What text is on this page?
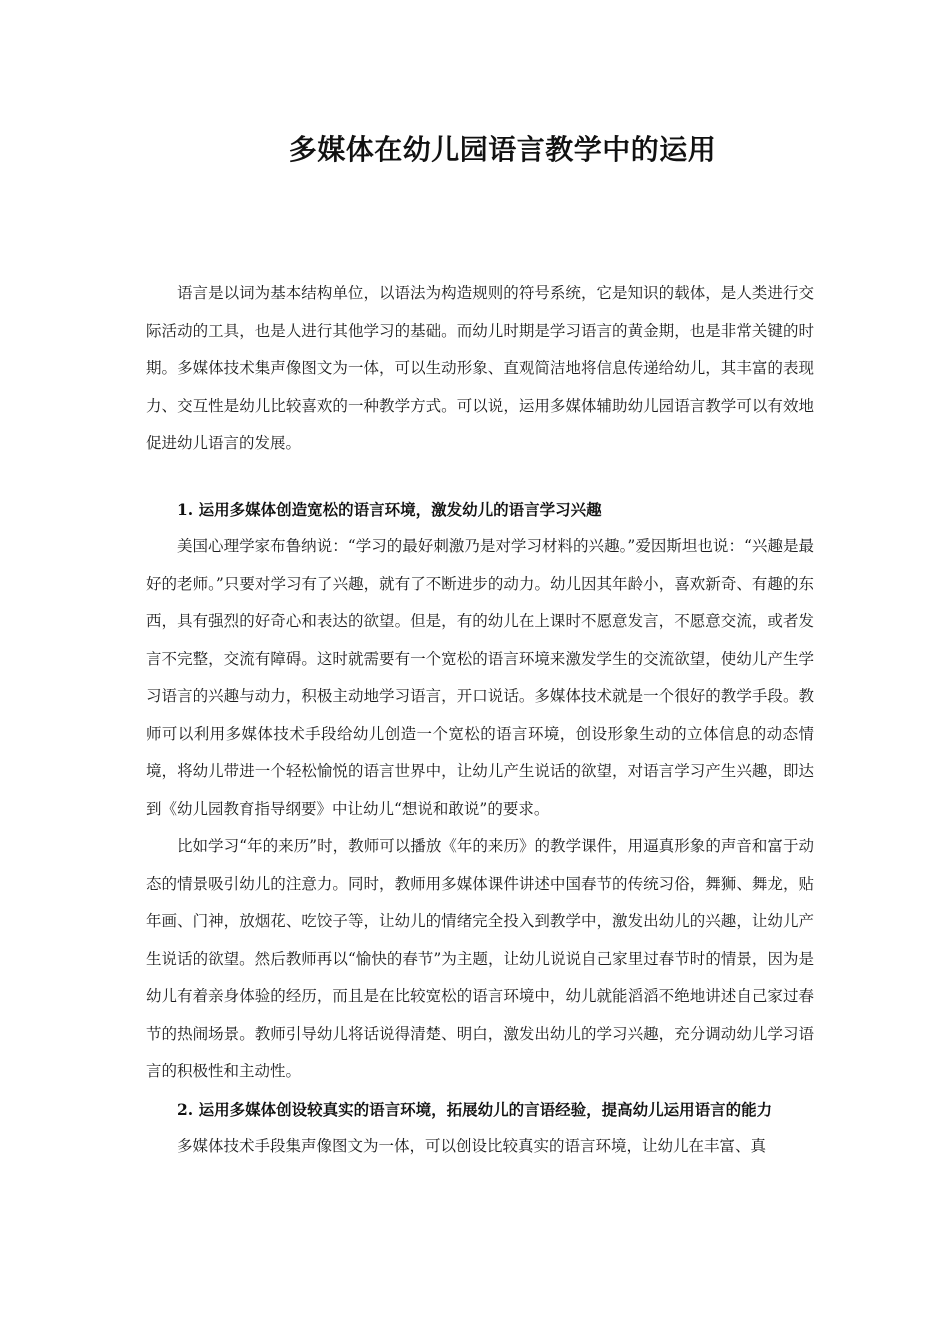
多媒体在幼儿园语言教学中的运用

语言是以词为基本结构单位，以语法为构造规则的符号系统，它是知识的载体，是人类进行交际活动的工具，也是人进行其他学习的基础。而幼儿时期是学习语言的黄金期，也是非常关键的时期。多媒体技术集声像图文为一体，可以生动形象、直观简洁地将信息传递给幼儿，其丰富的表现力、交互性是幼儿比较喜欢的一种教学方式。可以说，运用多媒体辅助幼儿园语言教学可以有效地促进幼儿语言的发展。

1. 运用多媒体创造宽松的语言环境，激发幼儿的语言学习兴趣

美国心理学家布鲁纳说：“学习的最好刺激乃是对学习材料的兴趣。”爱因斯坦也说：“兴趣是最好的老师。”只要对学习有了兴趣，就有了不断进步的动力。幼儿因其年龄小，喜欢新奇、有趣的东西，具有强烈的好奇心和表达的欲望。但是，有的幼儿在上课时不愿意发言，不愿意交流，或者发言不完整，交流有障碍。这时就需要有一个宽松的语言环境来激发学生的交流欲望，使幼儿产生学习语言的兴趣与动力，积极主动地学习语言，开口说话。多媒体技术就是一个很好的教学手段。教师可以利用多媒体技术手段给幼儿创造一个宽松的语言环境，创设形象生动的立体信息的动态情境，将幼儿带进一个轻松愉悦的语言世界中，让幼儿产生说话的欲望，对语言学习产生兴趣，即达到《幼儿园教育指导纲要》中让幼儿“想说和敢说”的要求。

比如学习“年的来历”时，教师可以播放《年的来历》的教学课件，用逼真形象的声音和富于动态的情景吸引幼儿的注意力。同时，教师用多媒体课件讲述中国春节的传统习俗，舞狮、舞龙，贴年画、门神，放烟花、吃饺子等，让幼儿的情绪完全投入到教学中，激发出幼儿的兴趣，让幼儿产生说话的欲望。然后教师再以“愉快的春节”为主题，让幼儿说说自己家里过春节时的情景，因为是幼儿有着亲身体验的经历，而且是在比较宽松的语言环境中，幼儿就能滔滔不绝地讲述自己家过春节的热闹场景。教师引导幼儿将话说得清楚、明白，激发出幼儿的学习兴趣，充分调动幼儿学习语言的积极性和主动性。

2. 运用多媒体创设较真实的语言环境，拓展幼儿的言语经验，提高幼儿运用语言的能力

多媒体技术手段集声像图文为一体，可以创设比较真实的语言环境，让幼儿在丰富、真
